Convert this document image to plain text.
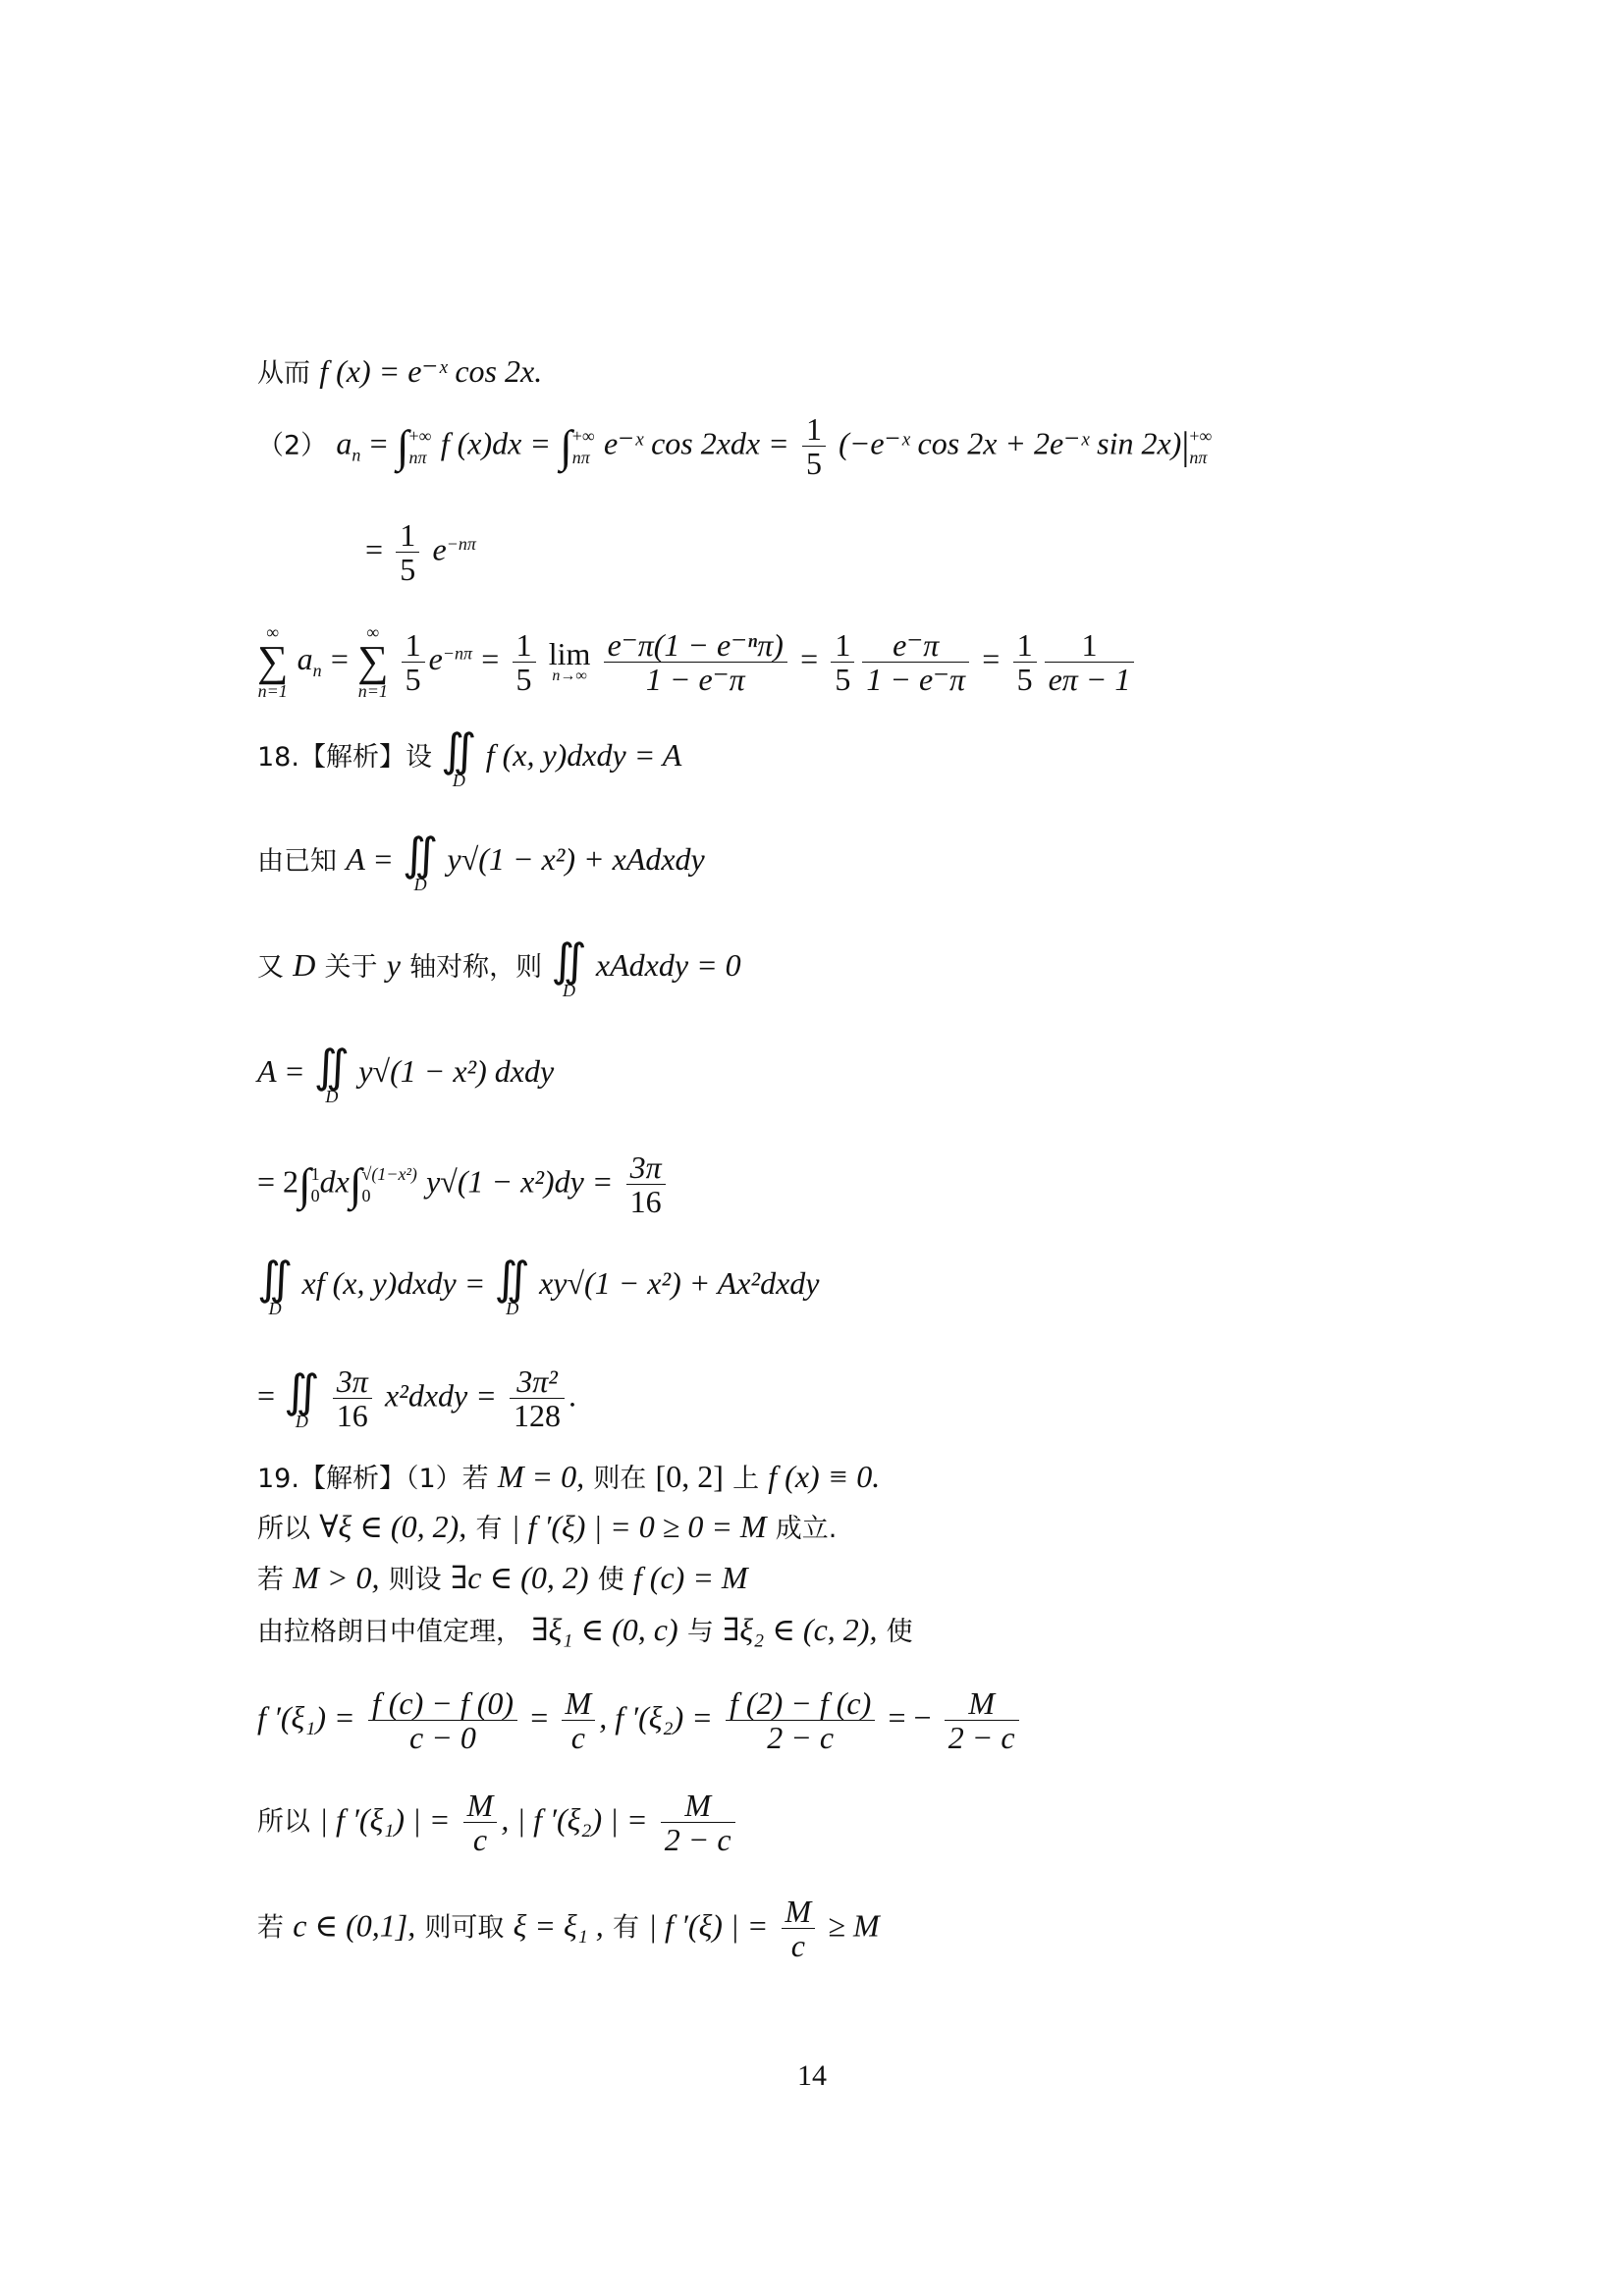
从而 f (x) = e⁻ˣ cos 2x.
（2） $a_n$ = ∫ +∞
nπ f (x)dx = ∫ +∞
nπ e⁻ˣ $\cos 2xdx = \frac{1}{5}$ (−e⁻ˣ cos 2x + 2e⁻ˣ sin 2x)| +∞
nπ
= $\frac{1}{5} e^{-n\pi}$
∞
∑
n=1
$a_n$ =
∞
∑
n=1
$\frac{1}{5} e^{-n\pi} = \frac{1}{5}$
lim
n→∞
$\frac{\text{e⁻π(1 − e⁻ⁿπ)}}{1 - e^-\pi} = \frac{1}{5} \frac{e^-\pi}{1 - e^-\pi} = \frac{1}{5} \frac{1}{e\pi - 1}$
18.【解析】设 ∬
D
f (x, y)dxdy = A
由已知 A = ∬
D
y√(1 − x²) + xAdxdy
又 D 关于 y 轴对称，则 ∬
D
xAdxdy = 0
A = ∬
D
y√(1 − x²) dxdy
= 2∫ 1
0 dx∫ √(1−x²)
0	$y√(1 - x^2)dy = \frac{3\pi}{16}$
∬
D
xf (x, y)dxdy = ∬
D
xy√(1 − x²) + Ax²dxdy
= ∬
D
$\frac{3\pi}{16}$ x²dxdy = $\frac{\text{3π²}}{128}$ .
19.【解析】（1）若 M = 0, 则在 [0, 2] 上 f (x) ≡ 0.
所以 ∀ξ ∈ (0, 2), 有 | f ′(ξ) | = 0 ≥ 0 = M 成立.
若 M > 0, 则设 ∃c ∈ (0, 2) 使 f (c) = M
由拉格朗日中值定理， ∃ξ₁ ∈ (0, c) 与 ∃ξ₂ ∈ (c, 2), 使
f $'(\xi_1) = \frac{f (c) - f (0)}{c - 0} = \frac{M}{c}$ , f $'(\xi_2) = \frac{f (2) - f (c)}{2 - c}$ = − $\frac{M}{2 - c}$
所以 | f ′(ξ₁) | = $\frac{M}{c}$ , | f ′(ξ₂) | = $\frac{M}{2 - c}$
若 c ∈ (0,1], 则可取 ξ = ξ₁ , 有 | f ′(ξ) | = $\frac{M}{c} \ge M$
14
